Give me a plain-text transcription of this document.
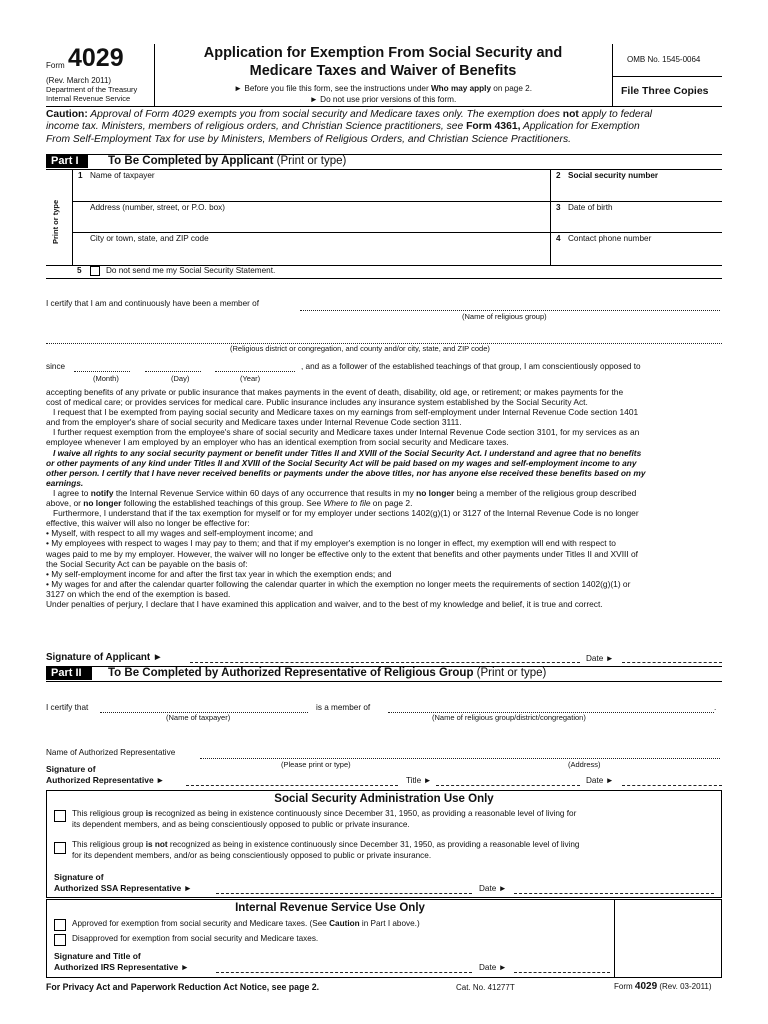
Form 4029
(Rev. March 2011)
Department of the Treasury
Internal Revenue Service
Application for Exemption From Social Security and
Medicare Taxes and Waiver of Benefits
► Before you file this form, see the instructions under Who may apply on page 2.
► Do not use prior versions of this form.
OMB No. 1545-0064
File Three Copies
Caution: Approval of Form 4029 exempts you from social security and Medicare taxes only. The exemption does not apply to federal
income tax. Ministers, members of religious orders, and Christian Science practitioners, see Form 4361, Application for Exemption
From Self-Employment Tax for use by Ministers, Members of Religious Orders, and Christian Science Practitioners.
Part I	To Be Completed by Applicant (Print or type)
Print or type
1 Name of taxpayer	2 Social security number
Address (number, street, or P.O. box)	3 Date of birth
City or town, state, and ZIP code	4 Contact phone number
5	Do not send me my Social Security Statement.
I certify that I am and continuously have been a member of
(Name of religious group)
(Religious district or congregation, and county and/or city, state, and ZIP code)
since	, and as a follower of the established teachings of that group, I am conscientiously opposed to
(Month)	(Day)	(Year)
accepting benefits of any private or public insurance that makes payments in the event of death, disability, old age, or retirement; or makes payments for the
cost of medical care; or provides services for medical care. Public insurance includes any insurance system established by the Social Security Act.
I request that I be exempted from paying social security and Medicare taxes on my earnings from self-employment under Internal Revenue Code section 1401
and from the employer's share of social security and Medicare taxes under Internal Revenue Code section 3111.
I further request exemption from the employee's share of social security and Medicare taxes under Internal Revenue Code section 3101, for my services as an
employee whenever I am employed by an employer who has an identical exemption from social security and Medicare taxes.
I waive all rights to any social security payment or benefit under Titles II and XVIII of the Social Security Act. I understand and agree that no benefits
or other payments of any kind under Titles II and XVIII of the Social Security Act will be paid based on my wages and self-employment income to any
other person. I certify that I have never received benefits or payments under the above titles, nor has anyone else received these benefits based on my
earnings.
I agree to notify the Internal Revenue Service within 60 days of any occurrence that results in my no longer being a member of the religious group described
above, or no longer following the established teachings of this group. See Where to file on page 2.
Furthermore, I understand that if the tax exemption for myself or for my employer under sections 1402(g)(1) or 3127 of the Internal Revenue Code is no longer
effective, this waiver will also no longer be effective for:
• Myself, with respect to all my wages and self-employment income; and
• My employees with respect to wages I may pay to them; and that if my employer's exemption is no longer in effect, my exemption will end with respect to
wages paid to me by my employer. However, the waiver will no longer be effective only to the extent that benefits and other payments under Titles II and XVIII of
the Social Security Act can be payable on the basis of:
• My self-employment income for and after the first tax year in which the exemption ends; and
• My wages for and after the calendar quarter following the calendar quarter in which the exemption no longer meets the requirements of section 1402(g)(1) or
3127 on which the end of the exemption is based.
Under penalties of perjury, I declare that I have examined this application and waiver, and to the best of my knowledge and belief, it is true and correct.
Signature of Applicant ►	Date ►
Part II	To Be Completed by Authorized Representative of Religious Group (Print or type)
I certify that	is a member of	.
(Name of taxpayer)	(Name of religious group/district/congregation)
Name of Authorized Representative
(Please print or type)	(Address)
Signature of
Authorized Representative ►	Title ►	Date ►
Social Security Administration Use Only
This religious group is recognized as being in existence continuously since December 31, 1950, as providing a reasonable level of living for
its dependent members, and as being conscientiously opposed to public or private insurance.
This religious group is not recognized as being in existence continuously since December 31, 1950, as providing a reasonable level of living
for its dependent members, and/or as being conscientiously opposed to public or private insurance.
Signature of
Authorized SSA Representative ►	Date ►
Internal Revenue Service Use Only
Approved for exemption from social security and Medicare taxes. (See Caution in Part I above.)
Disapproved for exemption from social security and Medicare taxes.
Signature and Title of
Authorized IRS Representative ►	Date ►
For Privacy Act and Paperwork Reduction Act Notice, see page 2.	Cat. No. 41277T	Form 4029 (Rev. 03-2011)
